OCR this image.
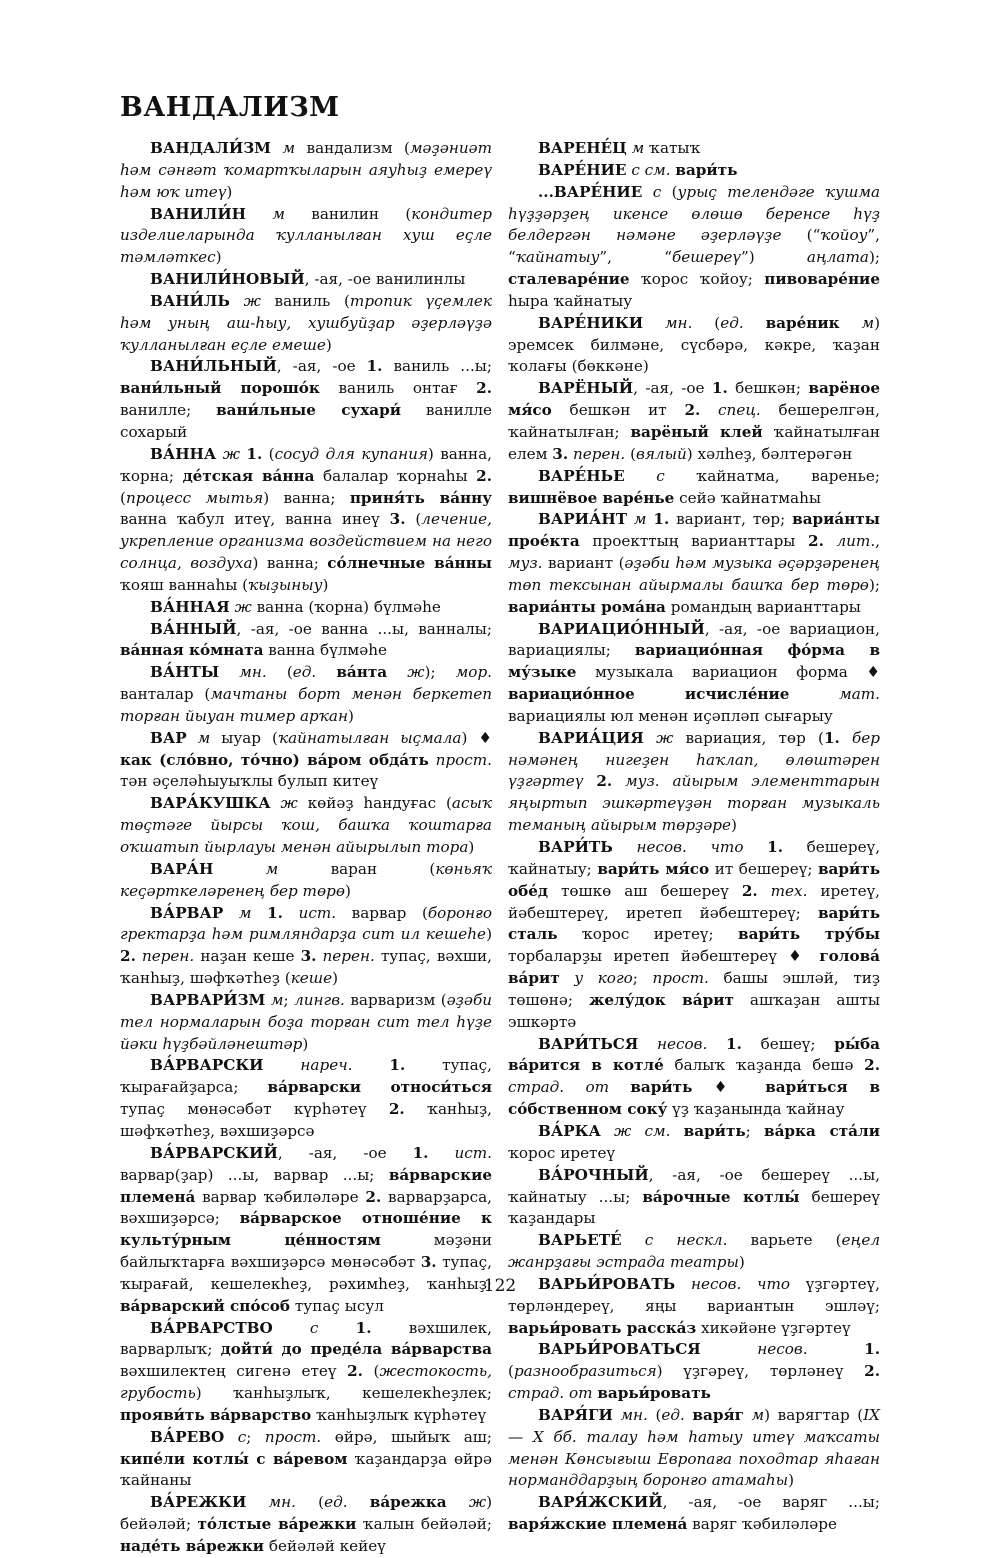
ВАНДАЛИЗМ

ВАНДАЛИ́ЗМ м вандализм (мәҙәниәт һәм сәнғәт ҡомартҡыларын аяуһыҙ емереү һәм юҡ итеү)

ВАНИЛИ́Н м ванилин (кондитер изделиеларында ҡулланылған хуш еҫле тәмләткес)

ВАНИЛИ́НОВЫЙ, -ая, -ое ванилинлы

ВАНИ́ЛЬ ж ваниль (тропик үҫемлек һәм уның аш-һыу, хушбуйҙар әҙерләүҙә ҡулланылған еҫле емеше)

ВАНИ́ЛЬНЫЙ, -ая, -ое 1. ваниль ...ы; вани́льный порошо́к ваниль онтағ 2. ванилле; вани́льные сухари́ ванилле сохарый

ВА́ННА ж 1. (сосуд для купания) ванна, ҡорна; де́тская ва́нна балалар ҡорнаһы 2. (процесс мытья) ванна; приня́ть ва́нну ванна ҡабул итеү, ванна инеү 3. (лечение, укрепление организма воздействием на него солнца, воздуха) ванна; со́лнечные ва́нны ҡояш ваннаһы (ҡыҙыныу)

ВА́ННАЯ ж ванна (ҡорна) бүлмәһе

ВА́ННЫЙ, -ая, -ое ванна ...ы, ванналы; ва́нная ко́мната ванна бүлмәһе

ВА́НТЫ мн. (ед. ва́нта ж); мор. ванталар (мачтаны борт менән беркетеп торған йыуан тимер арҡан)

ВАР м ыуар (ҡайнатылған ыҫмала) ♦ как (сло́вно, то́чно) ва́ром обда́ть прост. тән әҫеләһыуыҡлы булып китеү

ВАРА́КУШКА ж көйәҙ һандуғас (асыҡ төҫтәге йырсы ҡош, башҡа ҡоштарға оҡшатып йырлауы менән айырылып тора)

ВАРА́Н	м варан (көньяҡ кеҫәрткеләренең бер төрө)

ВА́РВАР м 1. ист. варвар (боронғо гректарҙа һәм римляндарҙа сит ил кешеһе) 2. перен. наҙан кеше 3. перен. тупаҫ, вәхши, ҡанһыҙ, шәфҡәтһеҙ (кеше)

ВАРВАРИ́ЗМ м; лингв. варваризм (әҙәби тел нормаларын боҙа торған сит тел һүҙе йәки һүҙбәйләнештәр)

ВА́РВАРСКИ нареч. 1. тупаҫ, ҡырағайҙарса; ва́рварски относи́ться тупаҫ мөнәсәбәт күрһәтеү 2. ҡанһыҙ, шәфҡәтһеҙ, вәхшиҙәрсә

ВА́РВАРСКИЙ, -ая, -ое 1. ист. варвар(ҙар) ...ы, варвар ...ы; ва́рварские племена́ варвар ҡәбиләләре 2. варварҙарса, вәхшиҙәрсә; ва́рварское отноше́ние к культу́рным це́нностям мәҙәни байлыҡтарға вәхшиҙәрсә мөнәсәбәт 3. тупаҫ, ҡырағай, кешелекһеҙ, рәхимһеҙ, ҡанһыҙ; ва́рварский спо́соб тупаҫ ысул

ВА́РВАРСТВО с 1. вәхшилек, варварлыҡ; дойти́ до преде́ла ва́рварства вәхшилектең сигенә етеү 2. (жестокость, грубость) ҡанһыҙлыҡ, кешелекһеҙлек; прояви́ть ва́рварство ҡанһыҙлыҡ күрһәтеү

ВА́РЕВО с; прост. өйрә, шыйыҡ аш; кипе́ли котлы́ с ва́ревом ҡаҙандарҙа өйрә ҡайнаны

ВА́РЕЖКИ мн. (ед. ва́режка ж) бейәләй; то́лстые ва́режки ҡалын бейәләй; наде́ть ва́режки бейәләй кейеү

ВАРЕНЕ́Ц м ҡатыҡ

ВАРЕ́НИЕ с см. вари́ть

...ВАРЕ́НИЕ с (урыҫ телендәге ҡушма һүҙҙәрҙең икенсе өлөшө беренсе һүҙ белдергән нәмәне әҙерләүҙе (“ҡойоу”, “ҡайнатыу”, “бешереү”) аңлата); сталеваре́ние ҡорос ҡойоу; пивоваре́ние һыра ҡайнатыу

ВАРЕ́НИКИ мн. (ед. варе́ник м) эремсек билмәне, сүсбәрә, кәкре, ҡаҙан ҡолағы (бөккәне)

ВАРЁНЫЙ, -ая, -ое 1. бешкән; варёное мя́со бешкән ит 2. спец. бешерелгән, ҡайнатылған; варёный клей ҡайнатылған елем 3. перен. (вялый) хәлһеҙ, бәлтерәгән

ВАРЕ́НЬЕ с ҡайнатма, варенье; вишнёвое варе́нье сейә ҡайнатмаһы

ВАРИА́НТ м 1. вариант, төр; вариа́нты прое́кта проекттың варианттары 2. лит., муз. вариант (әҙәби һәм музыка әҫәрҙәренең төп тексынан айырмалы башҡа бер төрө); вариа́нты рома́на романдың варианттары

ВАРИАЦИО́ННЫЙ, -ая, -ое вариацион, вариациялы; вариацио́нная фо́рма в му́зыке музыкала вариацион форма ♦ вариацио́нное исчисле́ние	мат. вариациялы юл менән иҫәпләп сығарыу

ВАРИА́ЦИЯ ж вариация, төр (1. бер нәмәнең нигеҙен һаҡлап, өлөштәрен үҙгәртеү 2. муз. айырым элементтарын яңыртып эшкәртеүҙән торған музыкаль теманың айырым төрҙәре)

ВАРИ́ТЬ несов. что 1. бешереү, ҡайнатыу; вари́ть мя́со ит бешереү; вари́ть обе́д төшкө аш бешереү 2. тех. иретеү, йәбештереү, иретеп йәбештереү; вари́ть сталь ҡорос иретеү; вари́ть тру́бы торбаларҙы иретеп йәбештереү ♦ голова́ ва́рит у кого; прост. башы эшләй, тиҙ төшөнә; желу́док ва́рит ашҡаҙан ашты эшкәртә

ВАРИ́ТЬСЯ несов. 1. бешеү; ры́ба ва́рится в котле́ балыҡ ҡаҙанда бешә 2. страд. от вари́ть ♦ вари́ться в со́бственном соку́ үҙ ҡаҙанында ҡайнау

ВА́РКА ж см. вари́ть; ва́рка ста́ли ҡорос иретеү

ВА́РОЧНЫЙ, -ая, -ое бешереү ...ы, ҡайнатыу ...ы; ва́рочные котлы́ бешереү ҡаҙандары

ВАРЬЕТЕ́ с нескл. варьете (еңел жанрҙағы эстрада театры)

ВАРЬИ́РОВАТЬ несов. что үҙгәртеү, төрләндереү, яңы вариантын эшләү; варьи́ровать расска́з хикәйәне үҙгәртеү

ВАРЬИ́РОВАТЬСЯ	несов.	1. (разнообразиться) үҙгәреү, төрләнеү 2. страд. от варьи́ровать

ВАРЯ́ГИ мн. (ед. варя́г м) варягтар (IX — X бб. талау һәм һатыу итеү маҡсаты менән Көнсығыш Европаға походтар яһаған норманддарҙың боронғо атамаһы)

ВАРЯ́ЖСКИЙ, -ая, -ое варяг ...ы; варя́жские племена́ варяг ҡәбиләләре

122
